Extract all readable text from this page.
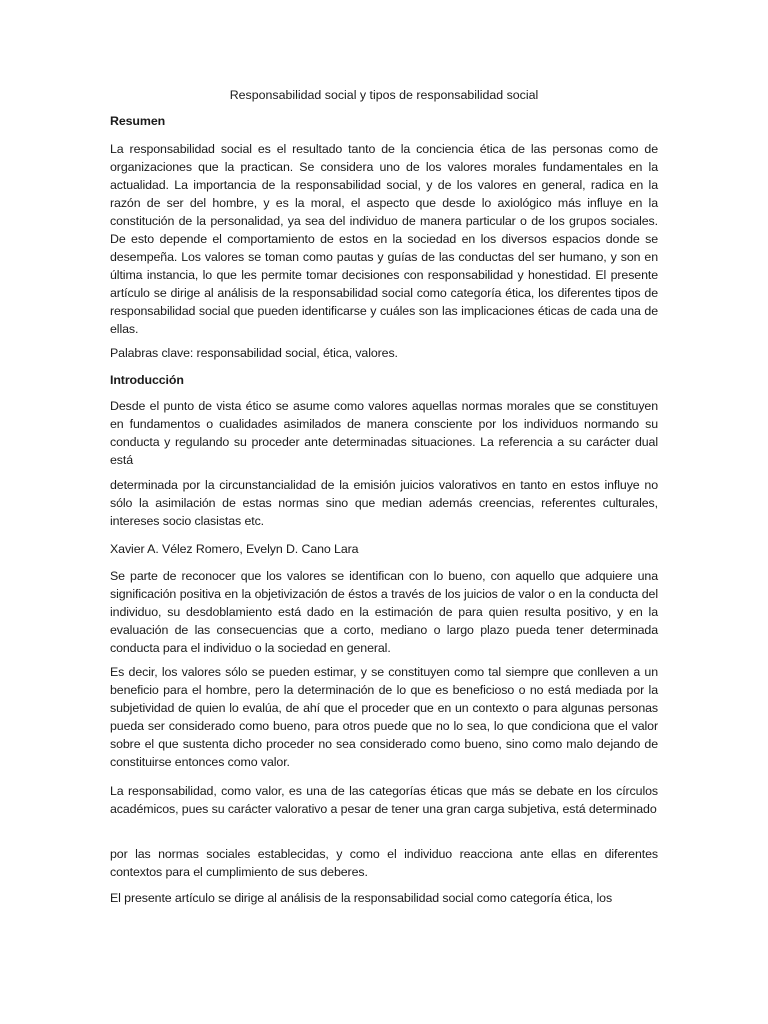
Responsabilidad social y tipos de responsabilidad social
Resumen
La responsabilidad social es el resultado tanto de la conciencia ética de las personas como de organizaciones que la practican. Se considera uno de los valores morales fundamentales en la actualidad. La importancia de la responsabilidad social, y de los valores en general, radica en la razón de ser del hombre, y es la moral, el aspecto que desde lo axiológico más influye en la constitución de la personalidad, ya sea del individuo de manera particular o de los grupos sociales. De esto depende el comportamiento de estos en la sociedad en los diversos espacios donde se desempeña. Los valores se toman como pautas y guías de las conductas del ser humano, y son en última instancia, lo que les permite tomar decisiones con responsabilidad y honestidad. El presente artículo se dirige al análisis de la responsabilidad social como categoría ética, los diferentes tipos de responsabilidad social que pueden identificarse y cuáles son las implicaciones éticas de cada una de ellas.
Palabras clave: responsabilidad social, ética, valores.
Introducción
Desde el punto de vista ético se asume como valores aquellas normas morales que se constituyen en fundamentos o cualidades asimilados de manera consciente por los individuos normando su conducta y regulando su proceder ante determinadas situaciones. La referencia a su carácter dual está
determinada por la circunstancialidad de la emisión juicios valorativos en tanto en estos influye no sólo la asimilación de estas normas sino que median además creencias, referentes culturales, intereses socio clasistas etc.
Xavier A. Vélez Romero, Evelyn D. Cano Lara
Se parte de reconocer que los valores se identifican con lo bueno, con aquello que adquiere una significación positiva en la objetivización de éstos a través de los juicios de valor o en la conducta del individuo, su desdoblamiento está dado en la estimación de para quien resulta positivo, y en la evaluación de las consecuencias que a corto, mediano o largo plazo pueda tener determinada conducta para el individuo o la sociedad en general.
Es decir, los valores sólo se pueden estimar, y se constituyen como tal siempre que conlleven a un beneficio para el hombre, pero la determinación de lo que es beneficioso o no está mediada por la subjetividad de quien lo evalúa, de ahí que el proceder que en un contexto o para algunas personas pueda ser considerado como bueno, para otros puede que no lo sea, lo que condiciona que el valor sobre el que sustenta dicho proceder no sea considerado como bueno, sino como malo dejando de constituirse entonces como valor.
La responsabilidad, como valor, es una de las categorías éticas que más se debate en los círculos académicos, pues su carácter valorativo a pesar de tener una gran carga subjetiva, está determinado
por las normas sociales establecidas, y como el individuo reacciona ante ellas en diferentes contextos para el cumplimiento de sus deberes.
El presente artículo se dirige al análisis de la responsabilidad social como categoría ética, los
